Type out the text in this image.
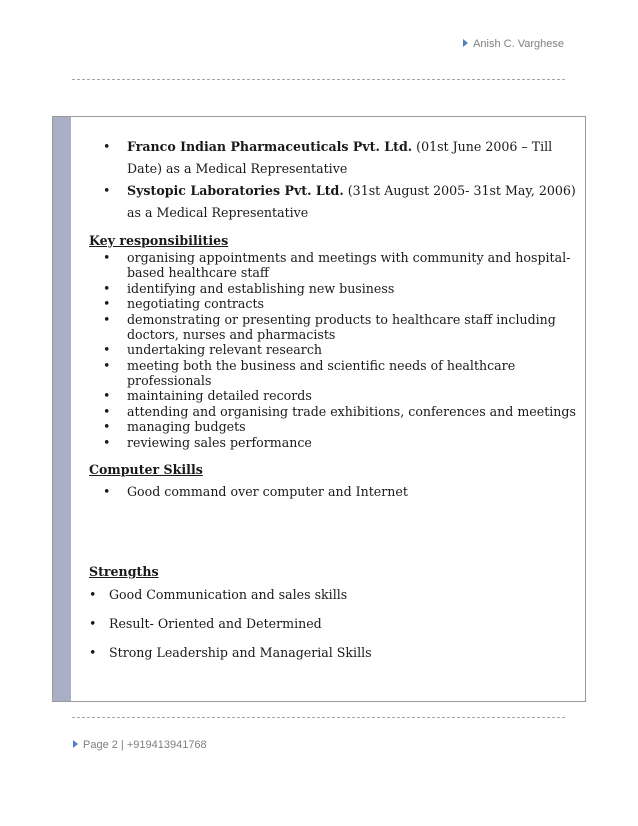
Anish C. Varghese
• Franco Indian Pharmaceuticals Pvt. Ltd. (01st June 2006 – Till
Date) as a Medical Representative
• Systopic Laboratories Pvt. Ltd. (31st August 2005- 31st May, 2006)
as a Medical Representative
Key responsibilities
• organising appointments and meetings with community and hospital-
based healthcare staff
• identifying and establishing new business
• negotiating contracts
• demonstrating or presenting products to healthcare staff including
doctors, nurses and pharmacists
• undertaking relevant research
• meeting both the business and scientific needs of healthcare
professionals
• maintaining detailed records
• attending and organising trade exhibitions, conferences and meetings
• managing budgets
• reviewing sales performance
Computer Skills
• Good command over computer and Internet
Strengths
• Good Communication and sales skills
• Result- Oriented and Determined
• Strong Leadership and Managerial Skills
Page 2 | +919413941768
